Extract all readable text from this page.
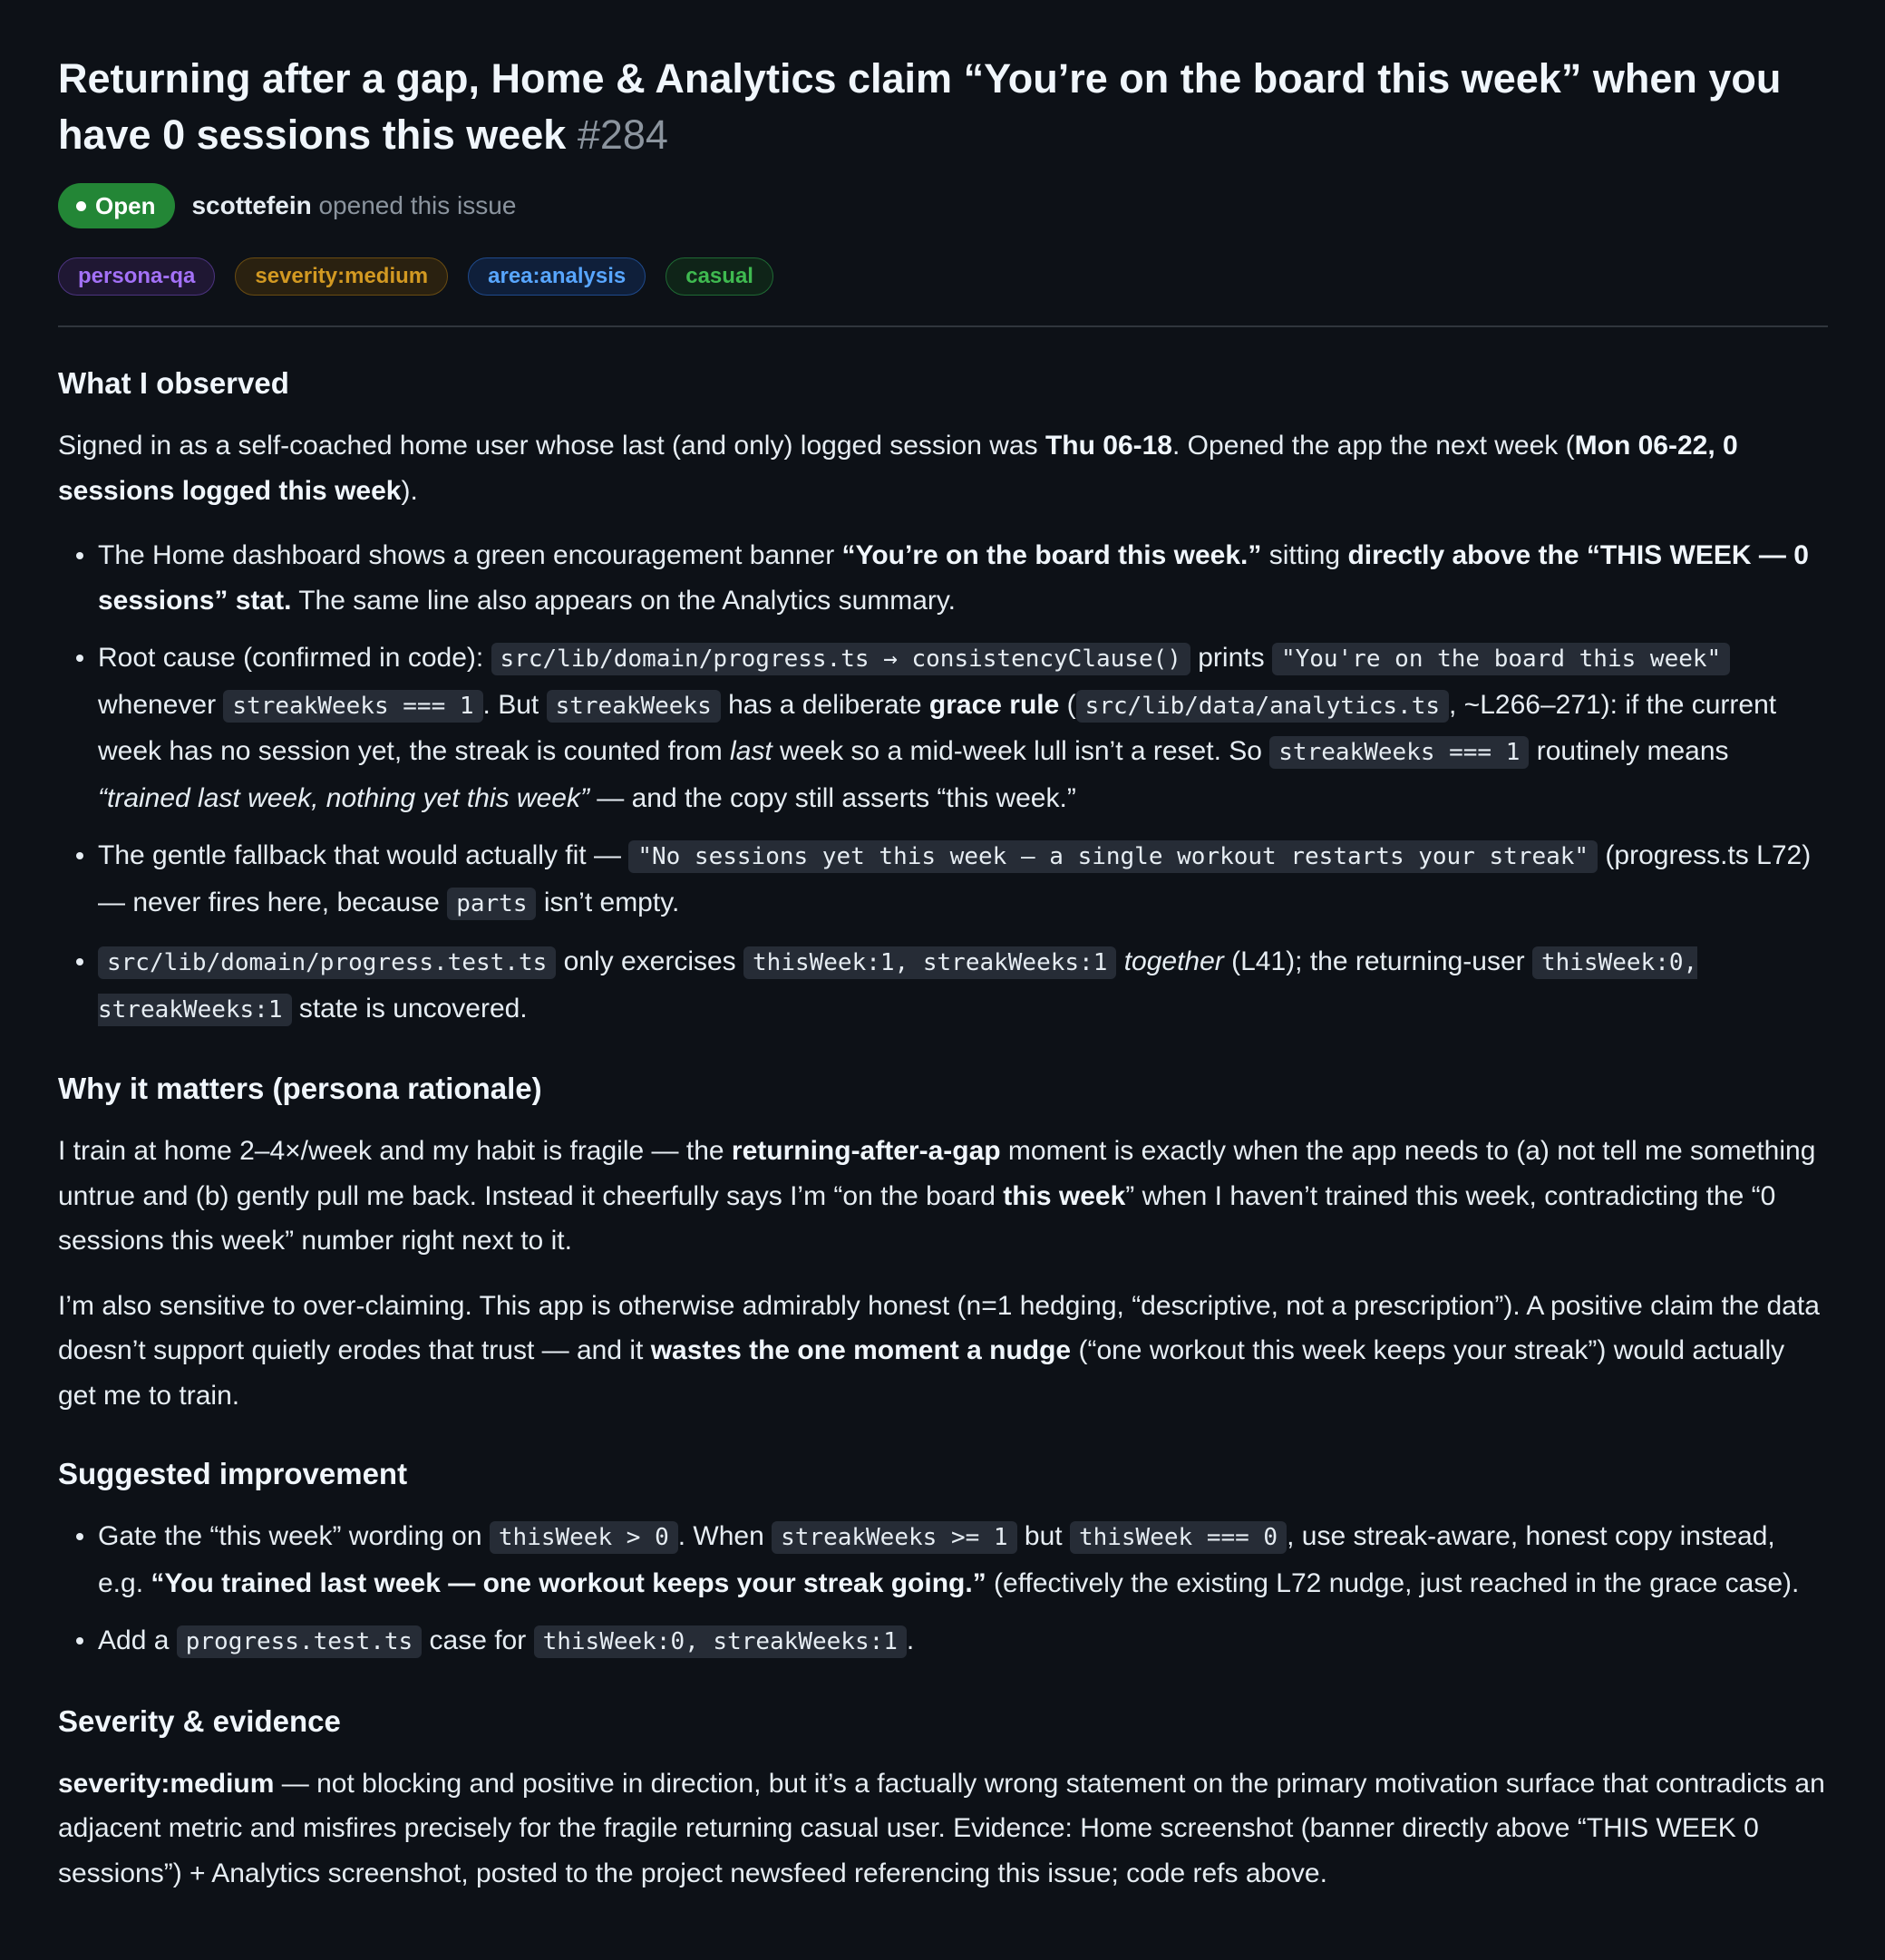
Returning after a gap, Home & Analytics claim “You’re on the board this week” when you have 0 sessions this week #284
Open scottefein opened this issue
persona-qa	severity:medium	area:analysis	casual
What I observed

Signed in as a self-coached home user whose last (and only) logged session was Thu 06-18. Opened the app the next week (Mon 06-22, 0 sessions logged this week).

The Home dashboard shows a green encouragement banner “You’re on the board this week.” sitting directly above the “THIS WEEK — 0 sessions” stat. The same line also appears on the Analytics summary.
Root cause (confirmed in code): src/lib/domain/progress.ts → consistencyClause() prints "You're on the board this week" whenever streakWeeks === 1 . But streakWeeks has a deliberate grace rule ( src/lib/data/analytics.ts , ~L266–271): if the current week has no session yet, the streak is counted from last week so a mid-week lull isn’t a reset. So streakWeeks === 1 routinely means “trained last week, nothing yet this week” — and the copy still asserts “this week.”
The gentle fallback that would actually fit — "No sessions yet this week — a single workout restarts your streak" (progress.ts L72) — never fires here, because parts isn’t empty.
src/lib/domain/progress.test.ts only exercises thisWeek:1, streakWeeks:1 together (L41); the returning-user thisWeek:0, streakWeeks:1 state is uncovered.
Why it matters (persona rationale)

I train at home 2–4×/week and my habit is fragile — the returning-after-a-gap moment is exactly when the app needs to (a) not tell me something untrue and (b) gently pull me back. Instead it cheerfully says I’m “on the board this week” when I haven’t trained this week, contradicting the “0 sessions this week” number right next to it.

I’m also sensitive to over-claiming. This app is otherwise admirably honest (n=1 hedging, “descriptive, not a prescription”). A positive claim the data doesn’t support quietly erodes that trust — and it wastes the one moment a nudge (“one workout this week keeps your streak”) would actually get me to train.

Suggested improvement
Gate the “this week” wording on thisWeek > 0 . When streakWeeks >= 1 but thisWeek === 0 , use streak-aware, honest copy instead, e.g. “You trained last week — one workout keeps your streak going.” (effectively the existing L72 nudge, just reached in the grace case).
Add a progress.test.ts case for thisWeek:0, streakWeeks:1 .
Severity & evidence

severity:medium — not blocking and positive in direction, but it’s a factually wrong statement on the primary motivation surface that contradicts an adjacent metric and misfires precisely for the fragile returning casual user. Evidence: Home screenshot (banner directly above “THIS WEEK 0 sessions”) + Analytics screenshot, posted to the project newsfeed referencing this issue; code refs above.
